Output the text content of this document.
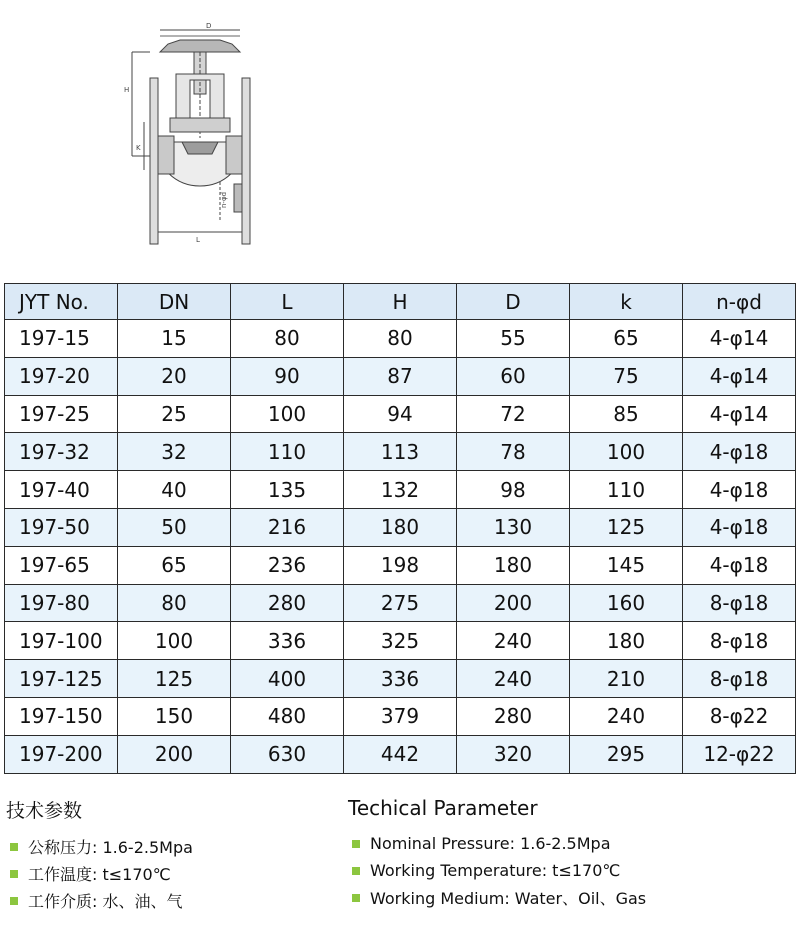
D
H
K
L
n-φd
JYT No.	DN	L	H	D	k	n-φd
197-15	15	80	80	55	65	4-φ14
197-20	20	90	87	60	75	4-φ14
197-25	25	100	94	72	85	4-φ14
197-32	32	110	113	78	100	4-φ18
197-40	40	135	132	98	110	4-φ18
197-50	50	216	180	130	125	4-φ18
197-65	65	236	198	180	145	4-φ18
197-80	80	280	275	200	160	8-φ18
197-100	100	336	325	240	180	8-φ18
197-125	125	400	336	240	210	8-φ18
197-150	150	480	379	280	240	8-φ22
197-200	200	630	442	320	295	12-φ22
技术参数
公称压力: 1.6-2.5Mpa
工作温度: t≤170℃
工作介质: 水、油、气
Techical Parameter
Nominal Pressure: 1.6-2.5Mpa
Working Temperature: t≤170℃
Working Medium: Water、Oil、Gas
